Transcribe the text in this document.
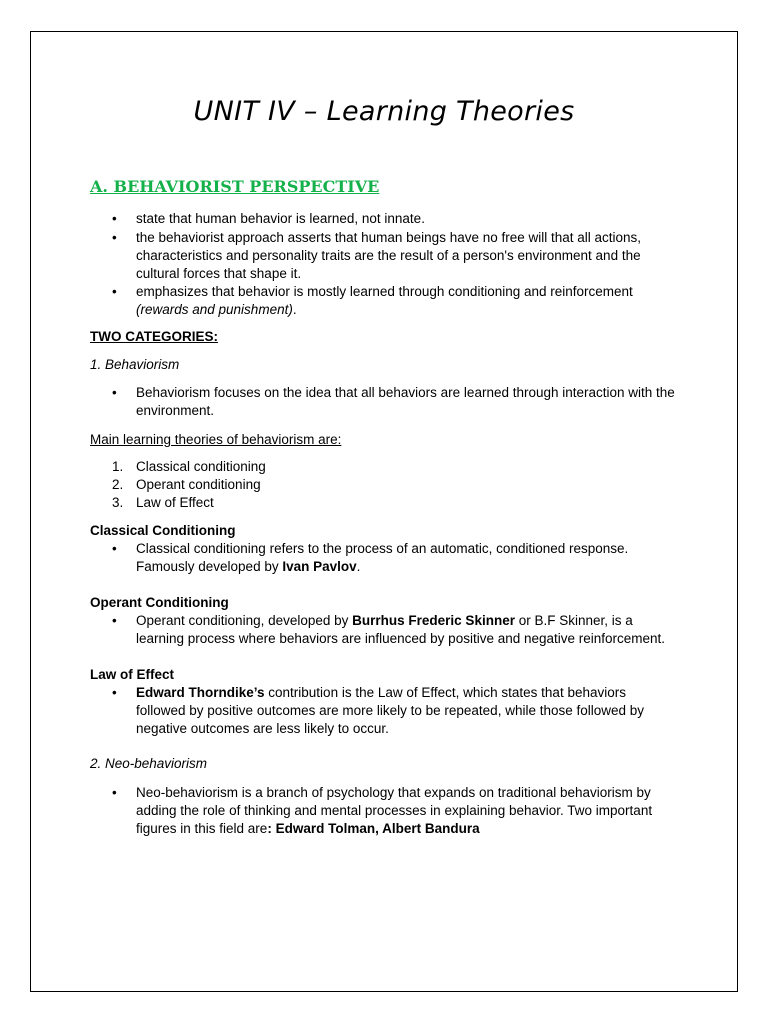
UNIT IV – Learning Theories
A. BEHAVIORIST PERSPECTIVE
• state that human behavior is learned, not innate.
• the behaviorist approach asserts that human beings have no free will that all actions, characteristics and personality traits are the result of a person's environment and the cultural forces that shape it.
• emphasizes that behavior is mostly learned through conditioning and reinforcement
(rewards and punishment).
TWO CATEGORIES:
1. Behaviorism
• Behaviorism focuses on the idea that all behaviors are learned through interaction with the environment.
Main learning theories of behaviorism are:
1. Classical conditioning
2. Operant conditioning
3. Law of Effect
Classical Conditioning
• Classical conditioning refers to the process of an automatic, conditioned response.
Famously developed by Ivan Pavlov.
Operant Conditioning
• Operant conditioning, developed by Burrhus Frederic Skinner or B.F Skinner, is a
learning process where behaviors are influenced by positive and negative reinforcement.
Law of Effect
• Edward Thorndike’s contribution is the Law of Effect, which states that behaviors
followed by positive outcomes are more likely to be repeated, while those followed by
negative outcomes are less likely to occur.
2. Neo-behaviorism
• Neo-behaviorism is a branch of psychology that expands on traditional behaviorism by
adding the role of thinking and mental processes in explaining behavior. Two important
figures in this field are: Edward Tolman, Albert Bandura
